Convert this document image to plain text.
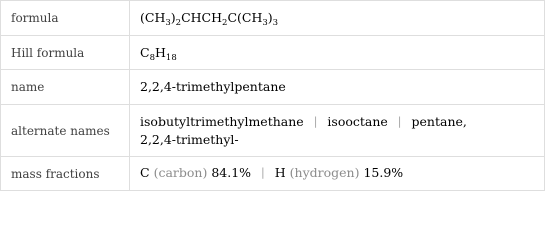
formula	$(CH_3)_2CHCH_2C(CH_3)_3$
Hill formula	$C_8H_{18}$
name	2,2,4-trimethylpentane
alternate names	isobutyltrimethylmethane | isooctane | pentane,
2,2,4-trimethyl-

mass fractions	C (carbon) 84.1% | H (hydrogen) 15.9%
